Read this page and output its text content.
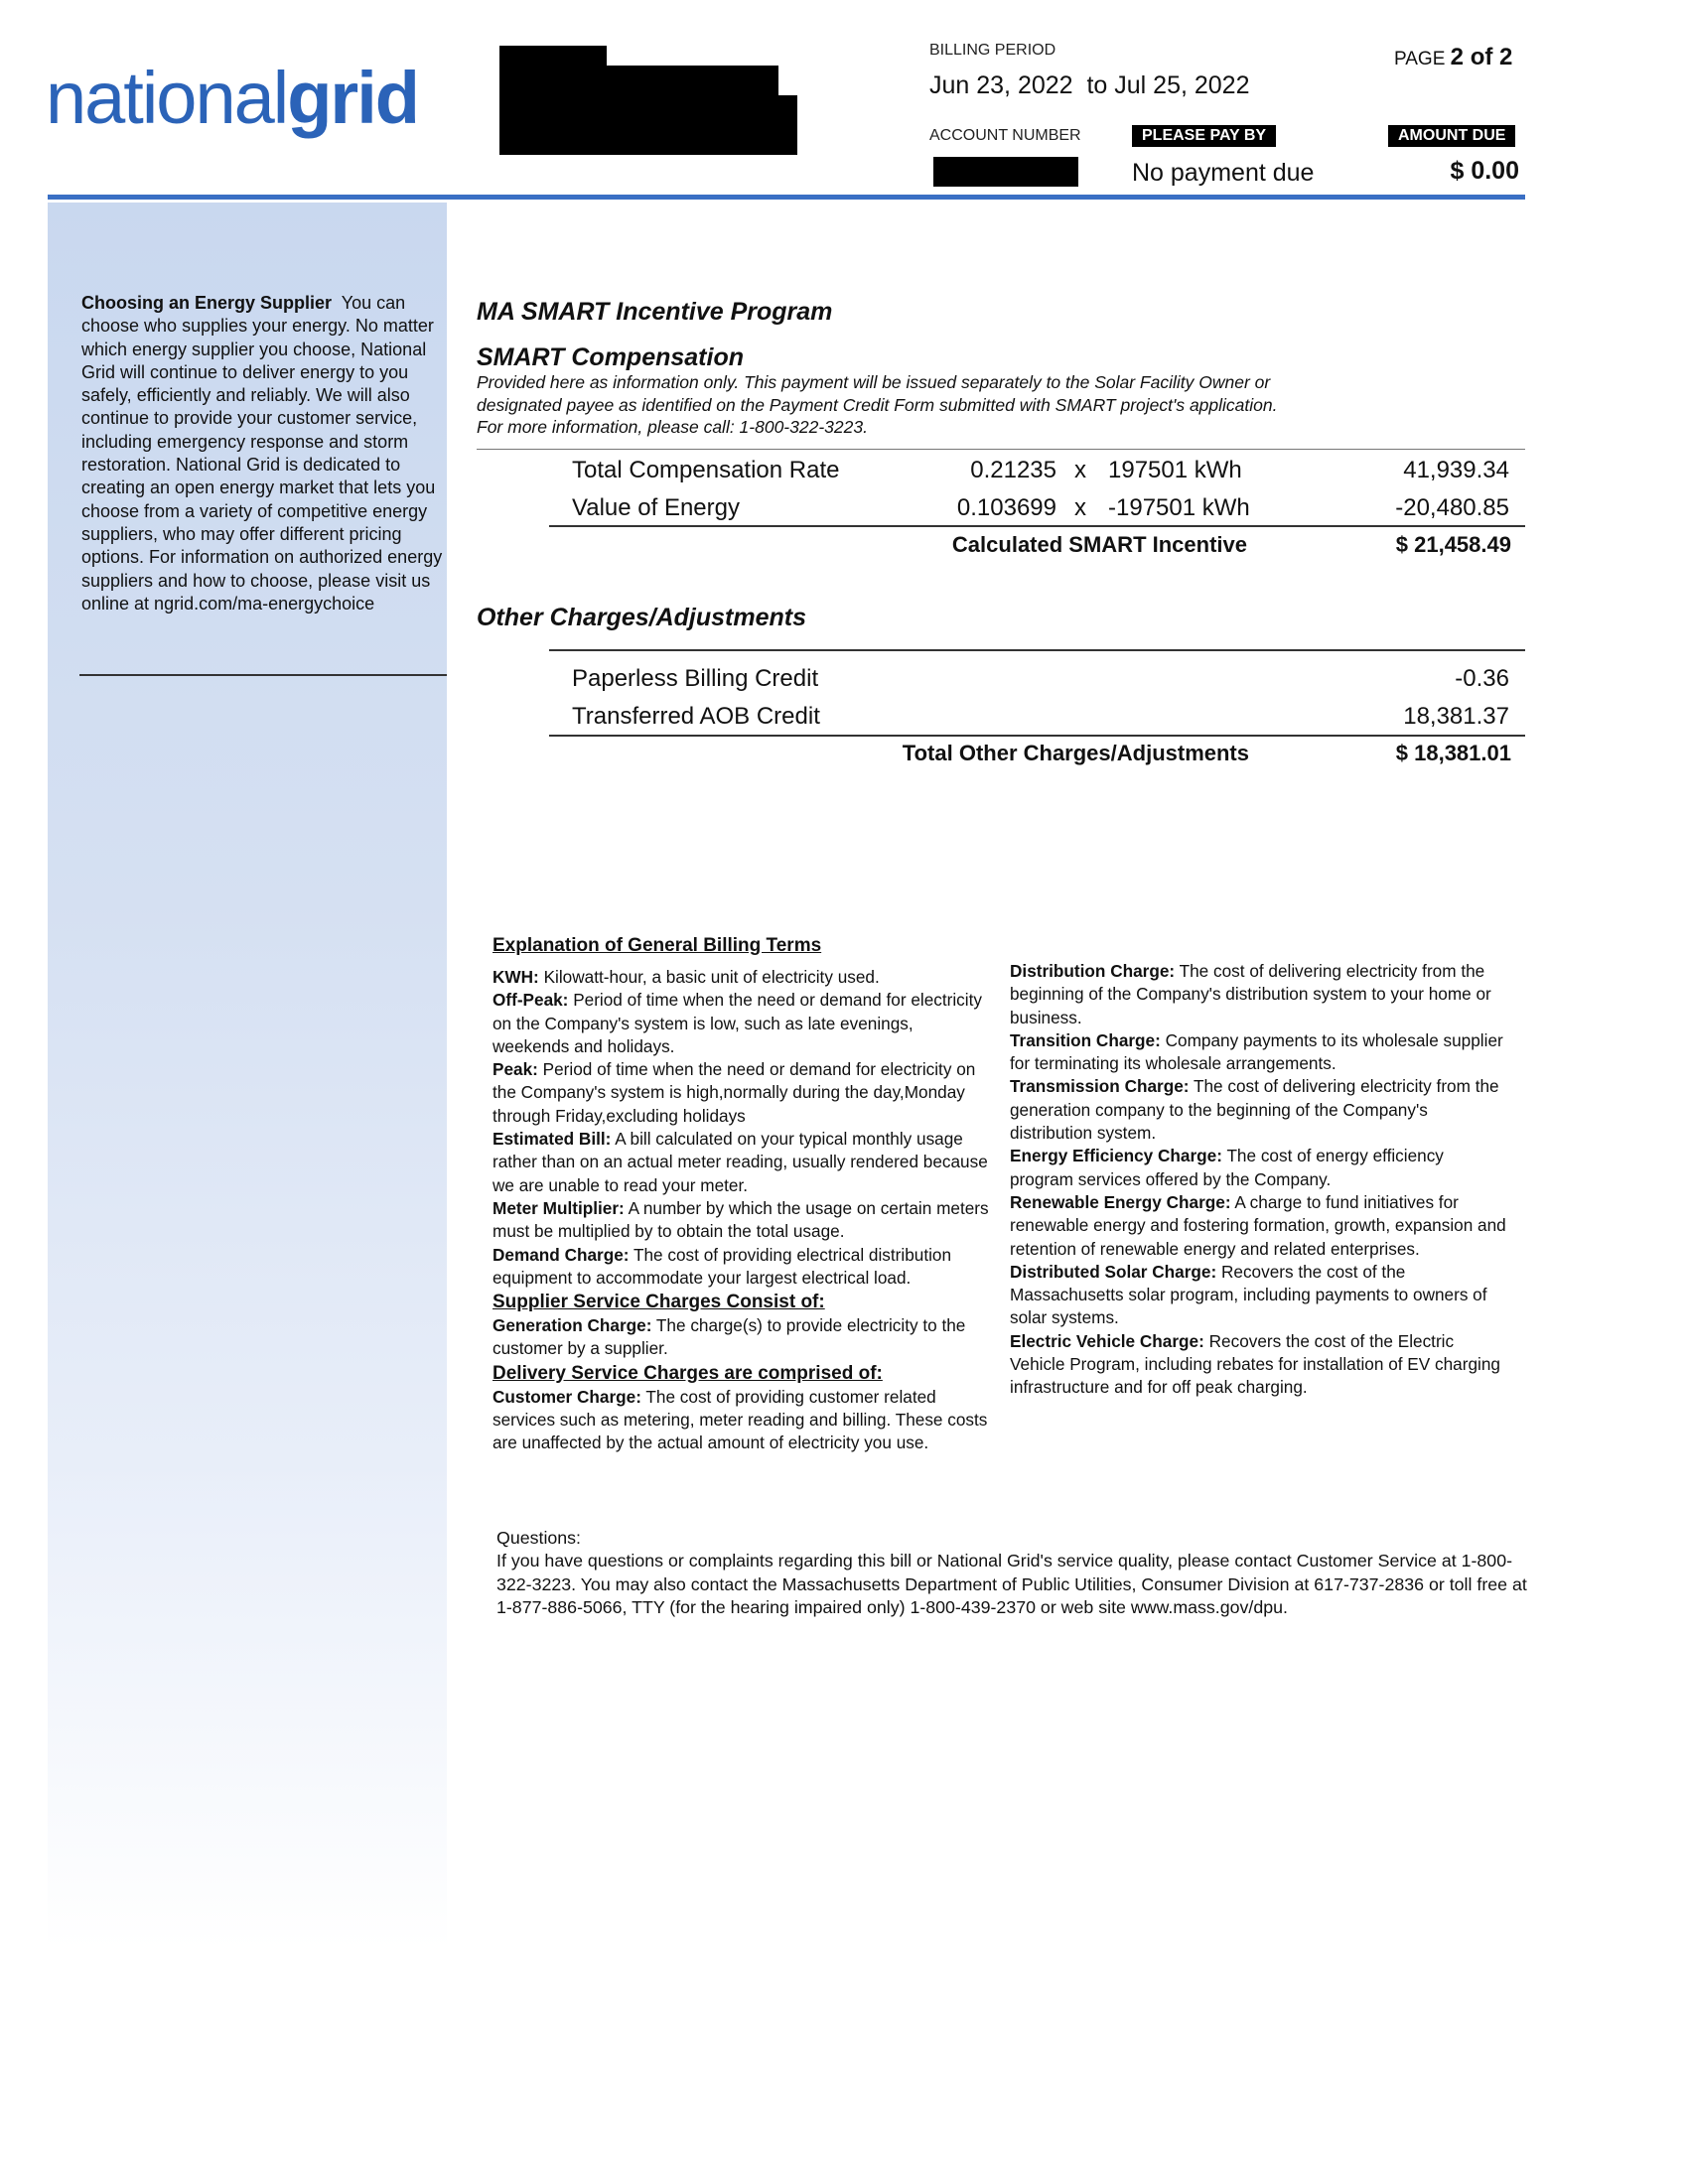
nationalgrid
BILLING PERIOD
Jun 23, 2022  to Jul 25, 2022
PAGE 2 of 2
ACCOUNT NUMBER	PLEASE PAY BY
No payment due
AMOUNT DUE
$ 0.00
Choosing an Energy Supplier You can choose who supplies your energy. No matter which energy supplier you choose, National Grid will continue to deliver energy to you safely, efficiently and reliably. We will also continue to provide your customer service, including emergency response and storm restoration. National Grid is dedicated to creating an open energy market that lets you choose from a variety of competitive energy suppliers, who may offer different pricing options. For information on authorized energy suppliers and how to choose, please visit us online at ngrid.com/ma-energychoice
MA SMART Incentive Program
SMART Compensation
Provided here as information only. This payment will be issued separately to the Solar Facility Owner or
designated payee as identified on the Payment Credit Form submitted with SMART project's application.
For more information, please call: 1-800-322-3223.
Total Compensation Rate	0.21235 x 197501 kWh	41,939.34
Value of Energy	0.103699 x -197501 kWh	-20,480.85
Calculated SMART Incentive	$ 21,458.49
Other Charges/Adjustments
Paperless Billing Credit	-0.36
Transferred AOB Credit	18,381.37
Total Other Charges/Adjustments	$ 18,381.01
Explanation of General Billing Terms
KWH: Kilowatt-hour, a basic unit of electricity used.
Off-Peak: Period of time when the need or demand for electricity on the Company's system is low, such as late evenings, weekends and holidays.
Peak: Period of time when the need or demand for electricity on the Company's system is high,normally during the day,Monday through Friday,excluding holidays
Estimated Bill: A bill calculated on your typical monthly usage rather than on an actual meter reading, usually rendered because we are unable to read your meter.
Meter Multiplier: A number by which the usage on certain meters must be multiplied by to obtain the total usage.
Demand Charge: The cost of providing electrical distribution equipment to accommodate your largest electrical load.
Supplier Service Charges Consist of:
Generation Charge: The charge(s) to provide electricity to the customer by a supplier.
Delivery Service Charges are comprised of:
Customer Charge: The cost of providing customer related services such as metering, meter reading and billing. These costs are unaffected by the actual amount of electricity you use.
Distribution Charge: The cost of delivering electricity from the beginning of the Company's distribution system to your home or business.
Transition Charge: Company payments to its wholesale supplier for terminating its wholesale arrangements.
Transmission Charge: The cost of delivering electricity from the generation company to the beginning of the Company's distribution system.
Energy Efficiency Charge: The cost of energy efficiency program services offered by the Company.
Renewable Energy Charge: A charge to fund initiatives for renewable energy and fostering formation, growth, expansion and retention of renewable energy and related enterprises.
Distributed Solar Charge: Recovers the cost of the Massachusetts solar program, including payments to owners of solar systems.
Electric Vehicle Charge: Recovers the cost of the Electric Vehicle Program, including rebates for installation of EV charging infrastructure and for off peak charging.
Questions:
If you have questions or complaints regarding this bill or National Grid's service quality, please contact Customer Service at 1-800-322-3223. You may also contact the Massachusetts Department of Public Utilities, Consumer Division at 617-737-2836 or toll free at 1-877-886-5066, TTY (for the hearing impaired only) 1-800-439-2370 or web site www.mass.gov/dpu.
